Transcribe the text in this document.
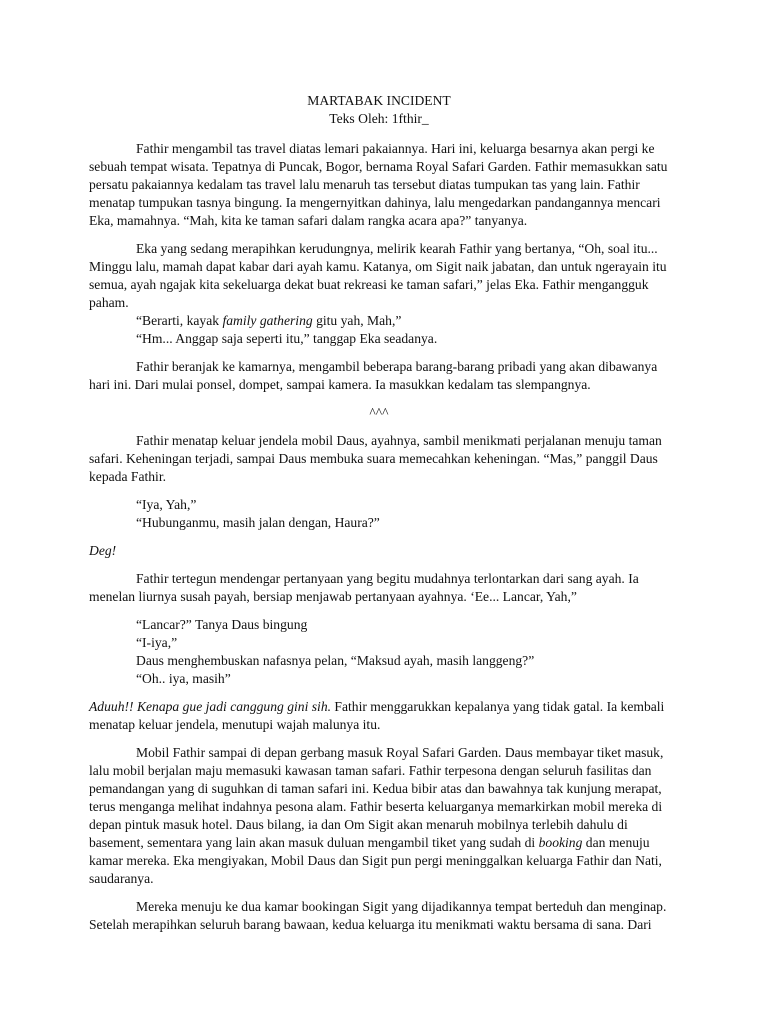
MARTABAK INCIDENT

Teks Oleh: 1fthir_

Fathir mengambil tas travel diatas lemari pakaiannya. Hari ini, keluarga besarnya akan pergi ke sebuah tempat wisata. Tepatnya di Puncak, Bogor, bernama Royal Safari Garden. Fathir memasukkan satu persatu pakaiannya kedalam tas travel lalu menaruh tas tersebut diatas tumpukan tas yang lain. Fathir menatap tumpukan tasnya bingung. Ia mengernyitkan dahinya, lalu mengedarkan pandangannya mencari Eka, mamahnya. “Mah, kita ke taman safari dalam rangka acara apa?” tanyanya.

Eka yang sedang merapihkan kerudungnya, melirik kearah Fathir yang bertanya, “Oh, soal itu... Minggu lalu, mamah dapat kabar dari ayah kamu. Katanya, om Sigit naik jabatan, dan untuk ngerayain itu semua, ayah ngajak kita sekeluarga dekat buat rekreasi ke taman safari,” jelas Eka. Fathir mengangguk paham.

“Berarti, kayak family gathering gitu yah, Mah,”

“Hm... Anggap saja seperti itu,” tanggap Eka seadanya.

Fathir beranjak ke kamarnya, mengambil beberapa barang-barang pribadi yang akan dibawanya hari ini. Dari mulai ponsel, dompet, sampai kamera. Ia masukkan kedalam tas slempangnya.

^^^

Fathir menatap keluar jendela mobil Daus, ayahnya, sambil menikmati perjalanan menuju taman safari. Keheningan terjadi, sampai Daus membuka suara memecahkan keheningan. “Mas,” panggil Daus kepada Fathir.

“Iya, Yah,”

“Hubunganmu, masih jalan dengan, Haura?”

Deg!

Fathir tertegun mendengar pertanyaan yang begitu mudahnya terlontarkan dari sang ayah. Ia menelan liurnya susah payah, bersiap menjawab pertanyaan ayahnya. ‘Ee... Lancar, Yah,”

“Lancar?” Tanya Daus bingung

“I-iya,”

Daus menghembuskan nafasnya pelan, “Maksud ayah, masih langgeng?”

“Oh.. iya, masih”

Aduuh!! Kenapa gue jadi canggung gini sih. Fathir menggarukkan kepalanya yang tidak gatal. Ia kembali menatap keluar jendela, menutupi wajah malunya itu.

Mobil Fathir sampai di depan gerbang masuk Royal Safari Garden. Daus membayar tiket masuk, lalu mobil berjalan maju memasuki kawasan taman safari. Fathir terpesona dengan seluruh fasilitas dan pemandangan yang di suguhkan di taman safari ini. Kedua bibir atas dan bawahnya tak kunjung merapat, terus menganga melihat indahnya pesona alam. Fathir beserta keluarganya memarkirkan mobil mereka di depan pintuk masuk hotel. Daus bilang, ia dan Om Sigit akan menaruh mobilnya terlebih dahulu di basement, sementara yang lain akan masuk duluan mengambil tiket yang sudah di booking dan menuju kamar mereka. Eka mengiyakan, Mobil Daus dan Sigit pun pergi meninggalkan keluarga Fathir dan Nati, saudaranya.

Mereka menuju ke dua kamar bookingan Sigit yang dijadikannya tempat berteduh dan menginap. Setelah merapihkan seluruh barang bawaan, kedua keluarga itu menikmati waktu bersama di sana. Dari
